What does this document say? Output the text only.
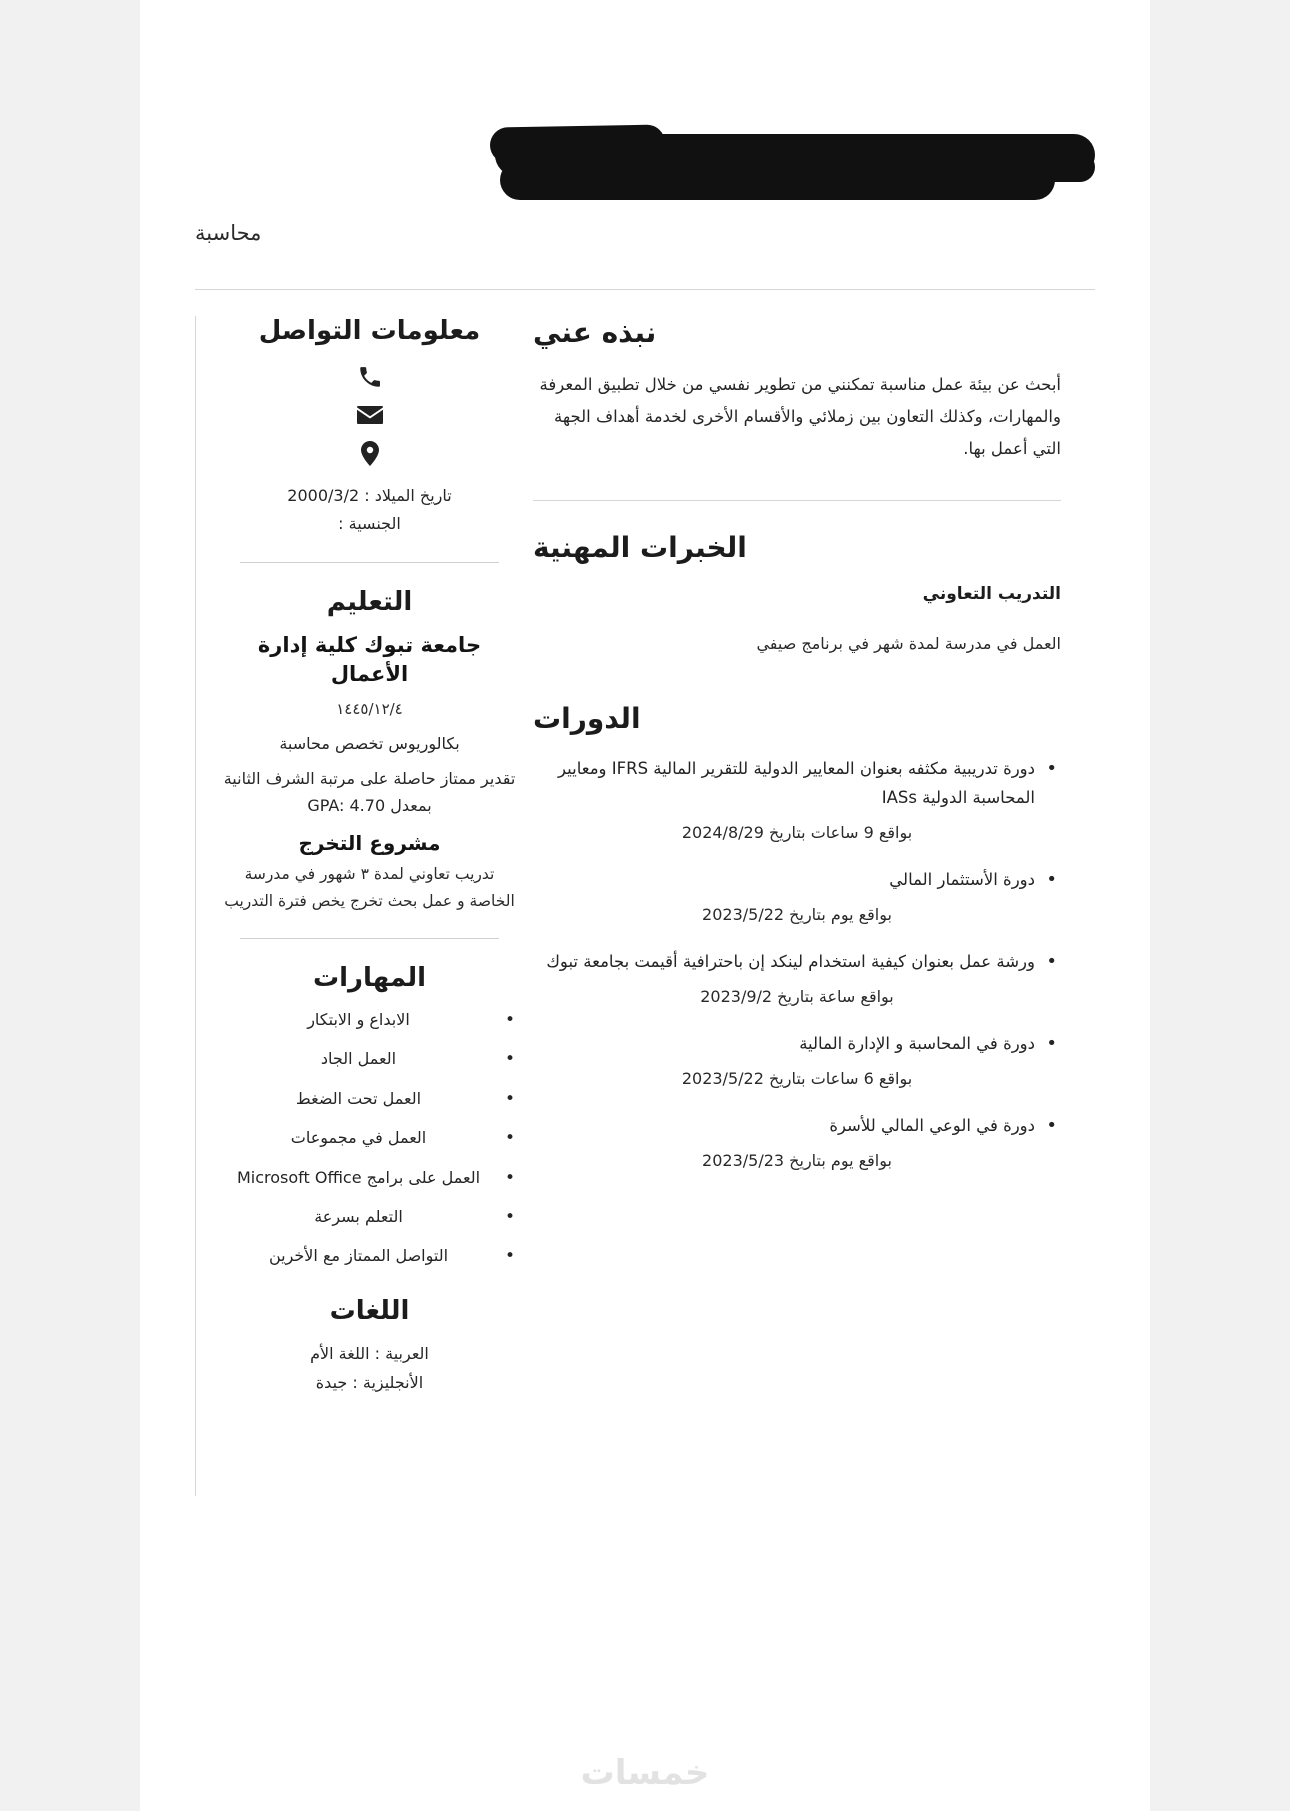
محاسبة

نبذه عني

أبحث عن بيئة عمل مناسبة تمكنني من تطوير نفسي من خلال تطبيق المعرفة والمهارات، وكذلك التعاون بين زملائي والأقسام الأخرى لخدمة أهداف الجهة التي أعمل بها.

الخبرات المهنية

التدريب التعاوني

العمل في مدرسة لمدة شهر في برنامج صيفي

الدورات
• دورة تدريبية مكثفه بعنوان المعايير الدولية للتقرير المالية IFRS ومعايير المحاسبة الدولية IASs
بواقع 9 ساعات بتاريخ 2024/8/29
• دورة الأستثمار المالي
بواقع يوم بتاريخ 2023/5/22
• ورشة عمل بعنوان كيفية استخدام لينكد إن باحترافية أقيمت بجامعة تبوك
بواقع ساعة بتاريخ 2023/9/2
• دورة في المحاسبة و الإدارة المالية
بواقع 6 ساعات بتاريخ 2023/5/22
• دورة في الوعي المالي للأسرة
بواقع يوم بتاريخ 2023/5/23
معلومات التواصل
تاريخ الميلاد : 2000/3/2
الجنسية :
التعليم

جامعة تبوك كلية إدارة الأعمال

١٤٤٥/١٢/٤

بكالوريوس تخصص محاسبة

تقدير ممتاز حاصلة على مرتبة الشرف الثانية بمعدل GPA: 4.70

مشروع التخرج

تدريب تعاوني لمدة ٣ شهور في مدرسة الخاصة و عمل بحث تخرج يخص فترة التدريب

المهارات
• الابداع و الابتكار
• العمل الجاد
• العمل تحت الضغط
• العمل في مجموعات
• العمل على برامج Microsoft Office
• التعلم بسرعة
• التواصل الممتاز مع الأخرين
اللغات
العربية : اللغة الأم
الأنجليزية : جيدة
خمسات
